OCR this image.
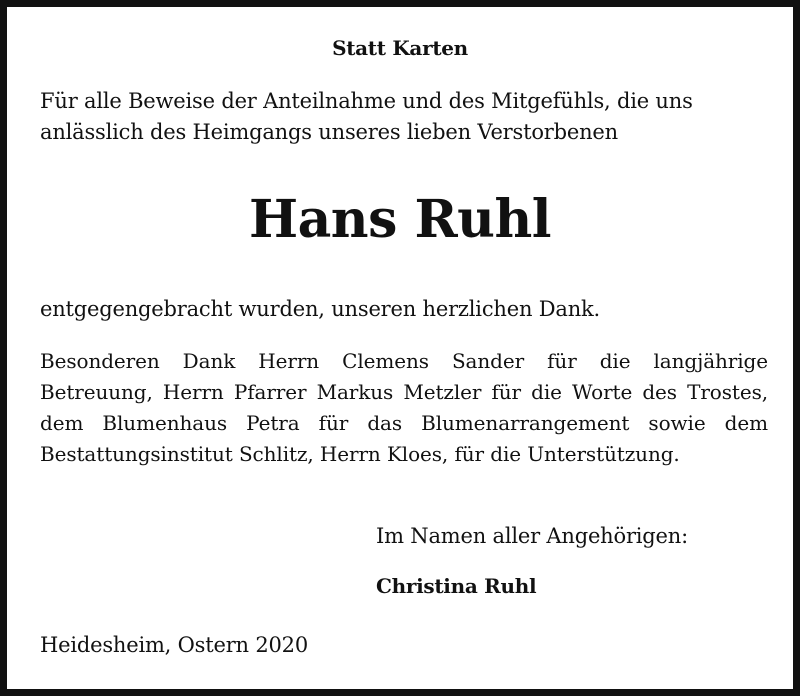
Statt Karten
Für alle Beweise der Anteilnahme und des Mitgefühls, die uns
anlässlich des Heimgangs unseres lieben Verstorbenen
Hans Ruhl
entgegengebracht wurden, unseren herzlichen Dank.
Besonderen Dank Herrn Clemens Sander für die langjährige
Betreuung, Herrn Pfarrer Markus Metzler für die Worte des Trostes,
dem Blumenhaus Petra für das Blumenarrangement sowie dem
Bestattungsinstitut Schlitz, Herrn Kloes, für die Unterstützung.
Im Namen aller Angehörigen:
Christina Ruhl
Heidesheim, Ostern 2020
